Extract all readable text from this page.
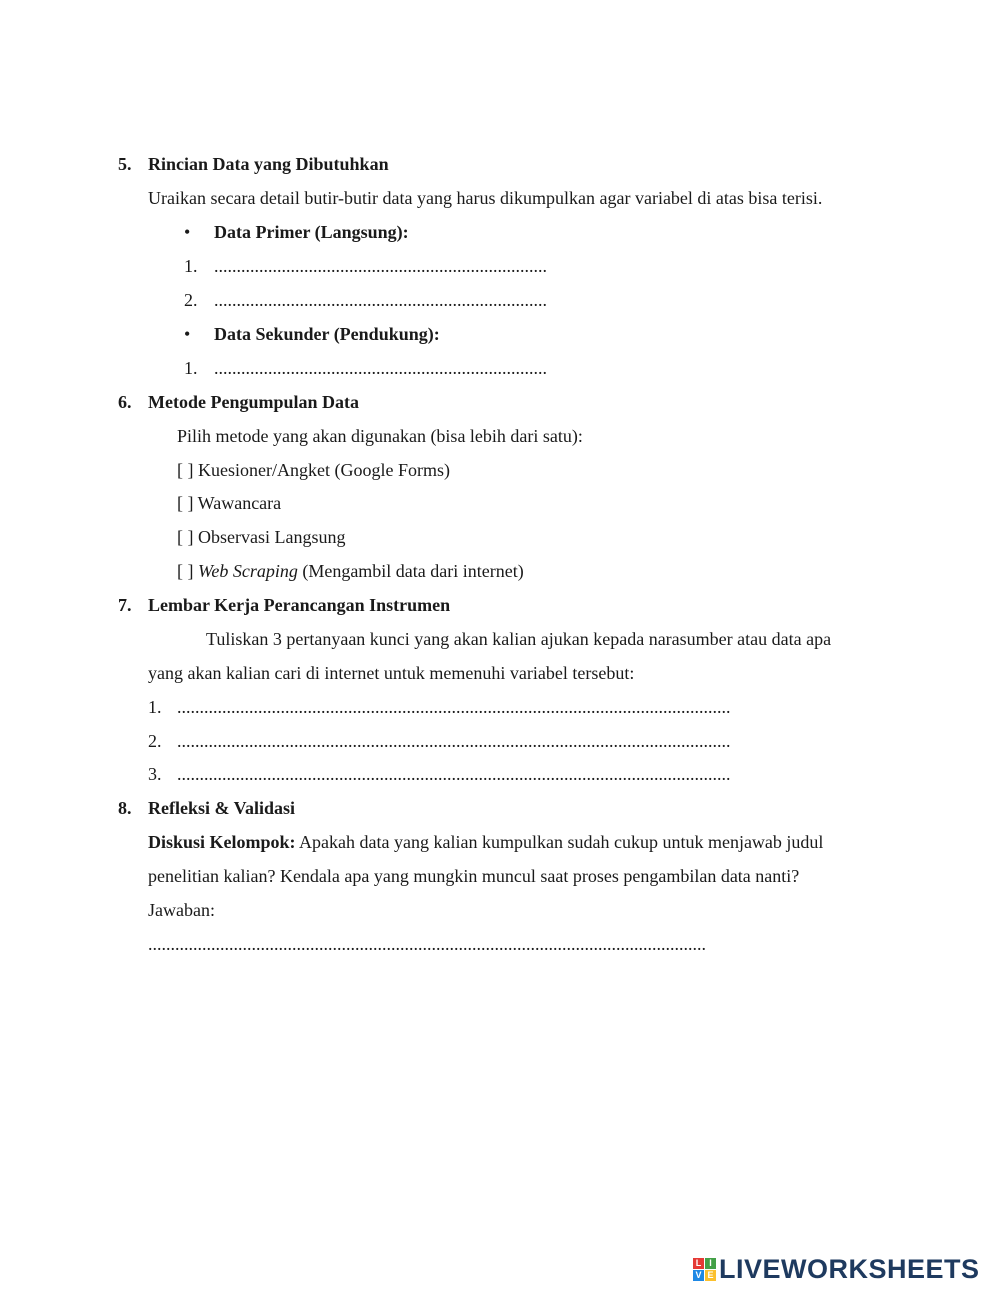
5. Rincian Data yang Dibutuhkan
Uraikan secara detail butir-butir data yang harus dikumpulkan agar variabel di atas bisa terisi.
• Data Primer (Langsung):
1. ..........................................................................
2. ..........................................................................
• Data Sekunder (Pendukung):
1. ..........................................................................
6. Metode Pengumpulan Data
Pilih metode yang akan digunakan (bisa lebih dari satu):
[ ] Kuesioner/Angket (Google Forms)
[ ] Wawancara
[ ] Observasi Langsung
[ ] Web Scraping (Mengambil data dari internet)
7. Lembar Kerja Perancangan Instrumen
Tuliskan 3 pertanyaan kunci yang akan kalian ajukan kepada narasumber atau data apa
yang akan kalian cari di internet untuk memenuhi variabel tersebut:
1. ...........................................................................................................................
2. ...........................................................................................................................
3. ...........................................................................................................................
8. Refleksi & Validasi
Diskusi Kelompok: Apakah data yang kalian kumpulkan sudah cukup untuk menjawab judul
penelitian kalian? Kendala apa yang mungkin muncul saat proses pengambilan data nanti?
Jawaban:
............................................................................................................................
L I
V E LIVEWORKSHEETS
